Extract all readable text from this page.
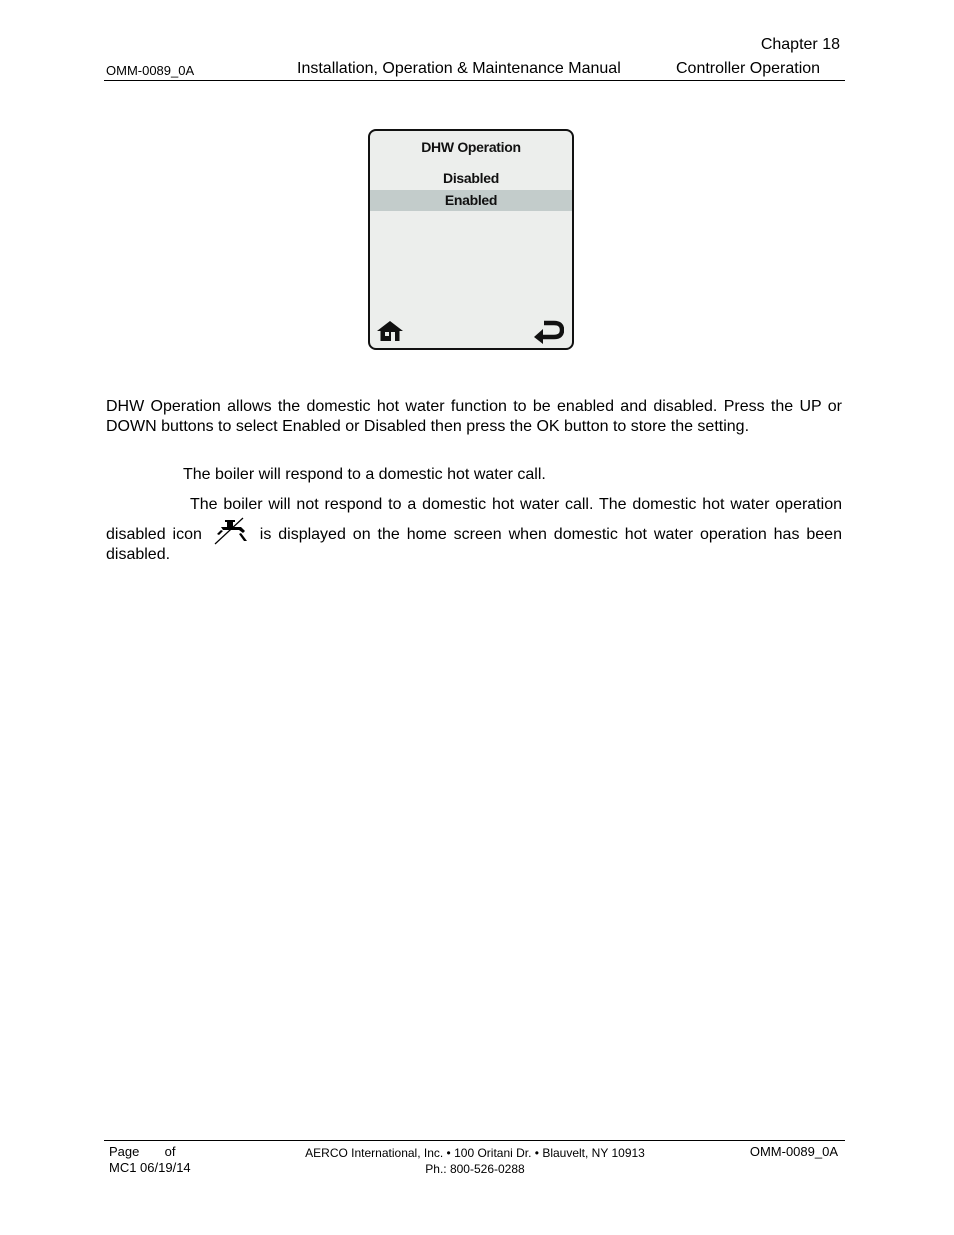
Chapter 18
OMM-0089_0A	Installation, Operation & Maintenance Manual	Controller Operation
DHW Operation
Disabled
Enabled
DHW Operation allows the domestic hot water function to be enabled and disabled. Press the UP or DOWN buttons to select Enabled or Disabled then press the OK button to store the setting.
The boiler will respond to a domestic hot water call.
The boiler will not respond to a domestic hot water call. The domestic hot water operation disabled icon	is displayed on the home screen when domestic hot water operation has been disabled.
Page       of
MC1 06/19/14
AERCO International, Inc. • 100 Oritani Dr. • Blauvelt, NY 10913
Ph.: 800-526-0288
OMM-0089_0A
